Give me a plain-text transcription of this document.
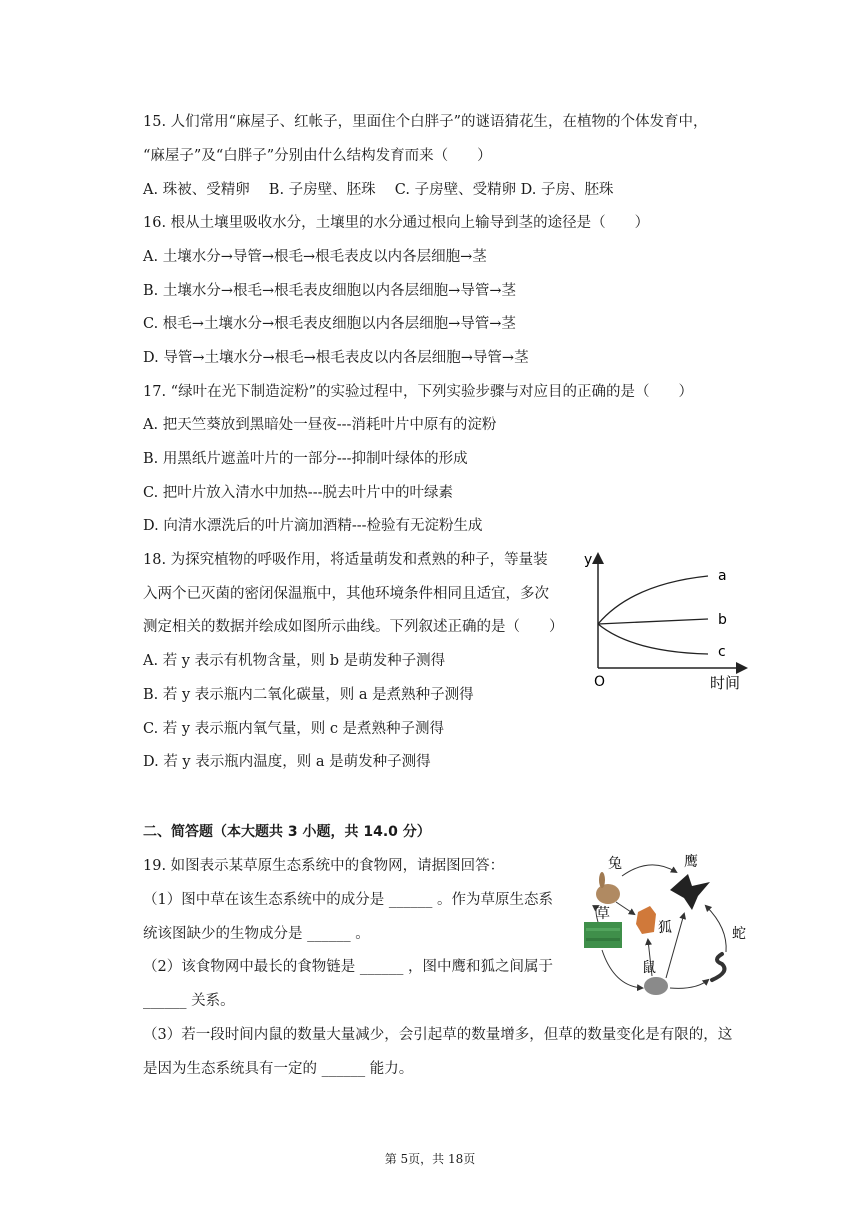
15. 人们常用“麻屋子、红帐子，里面住个白胖子”的谜语猜花生，在植物的个体发育中，
“麻屋子”及“白胖子”分别由什么结构发育而来（　　）
A. 珠被、受精卵　 B. 子房壁、胚珠　 C. 子房壁、受精卵 D. 子房、胚珠
16. 根从土壤里吸收水分，土壤里的水分通过根向上输导到茎的途径是（　　）
A. 土壤水分→导管→根毛→根毛表皮以内各层细胞→茎
B. 土壤水分→根毛→根毛表皮细胞以内各层细胞→导管→茎
C. 根毛→土壤水分→根毛表皮细胞以内各层细胞→导管→茎
D. 导管→土壤水分→根毛→根毛表皮以内各层细胞→导管→茎
17. “绿叶在光下制造淀粉”的实验过程中，下列实验步骤与对应目的正确的是（　　）
A. 把天竺葵放到黑暗处一昼夜---消耗叶片中原有的淀粉
B. 用黑纸片遮盖叶片的一部分---抑制叶绿体的形成
C. 把叶片放入清水中加热---脱去叶片中的叶绿素
D. 向清水漂洗后的叶片滴加酒精---检验有无淀粉生成
18. 为探究植物的呼吸作用，将适量萌发和煮熟的种子，等量装
入两个已灭菌的密闭保温瓶中，其他环境条件相同且适宜，多次
测定相关的数据并绘成如图所示曲线。下列叙述正确的是（　　）
A. 若 y 表示有机物含量，则 b 是萌发种子测得
B. 若 y 表示瓶内二氧化碳量，则 a 是煮熟种子测得
C. 若 y 表示瓶内氧气量，则 c 是煮熟种子测得
D. 若 y 表示瓶内温度，则 a 是萌发种子测得
y
O	时间
a
b
c
二、简答题（本大题共 3 小题，共 14.0 分）
19. 如图表示某草原生态系统中的食物网，请据图回答：
（1）图中草在该生态系统中的成分是 ______ 。作为草原生态系
统该图缺少的生物成分是 ______ 。
（2）该食物网中最长的食物链是 ______ ，图中鹰和狐之间属于
______ 关系。
（3）若一段时间内鼠的数量大量减少，会引起草的数量增多，但草的数量变化是有限的，这
是因为生态系统具有一定的 ______ 能力。
兔	鹰
草
狐	蛇
鼠
第 5页，共 18页
